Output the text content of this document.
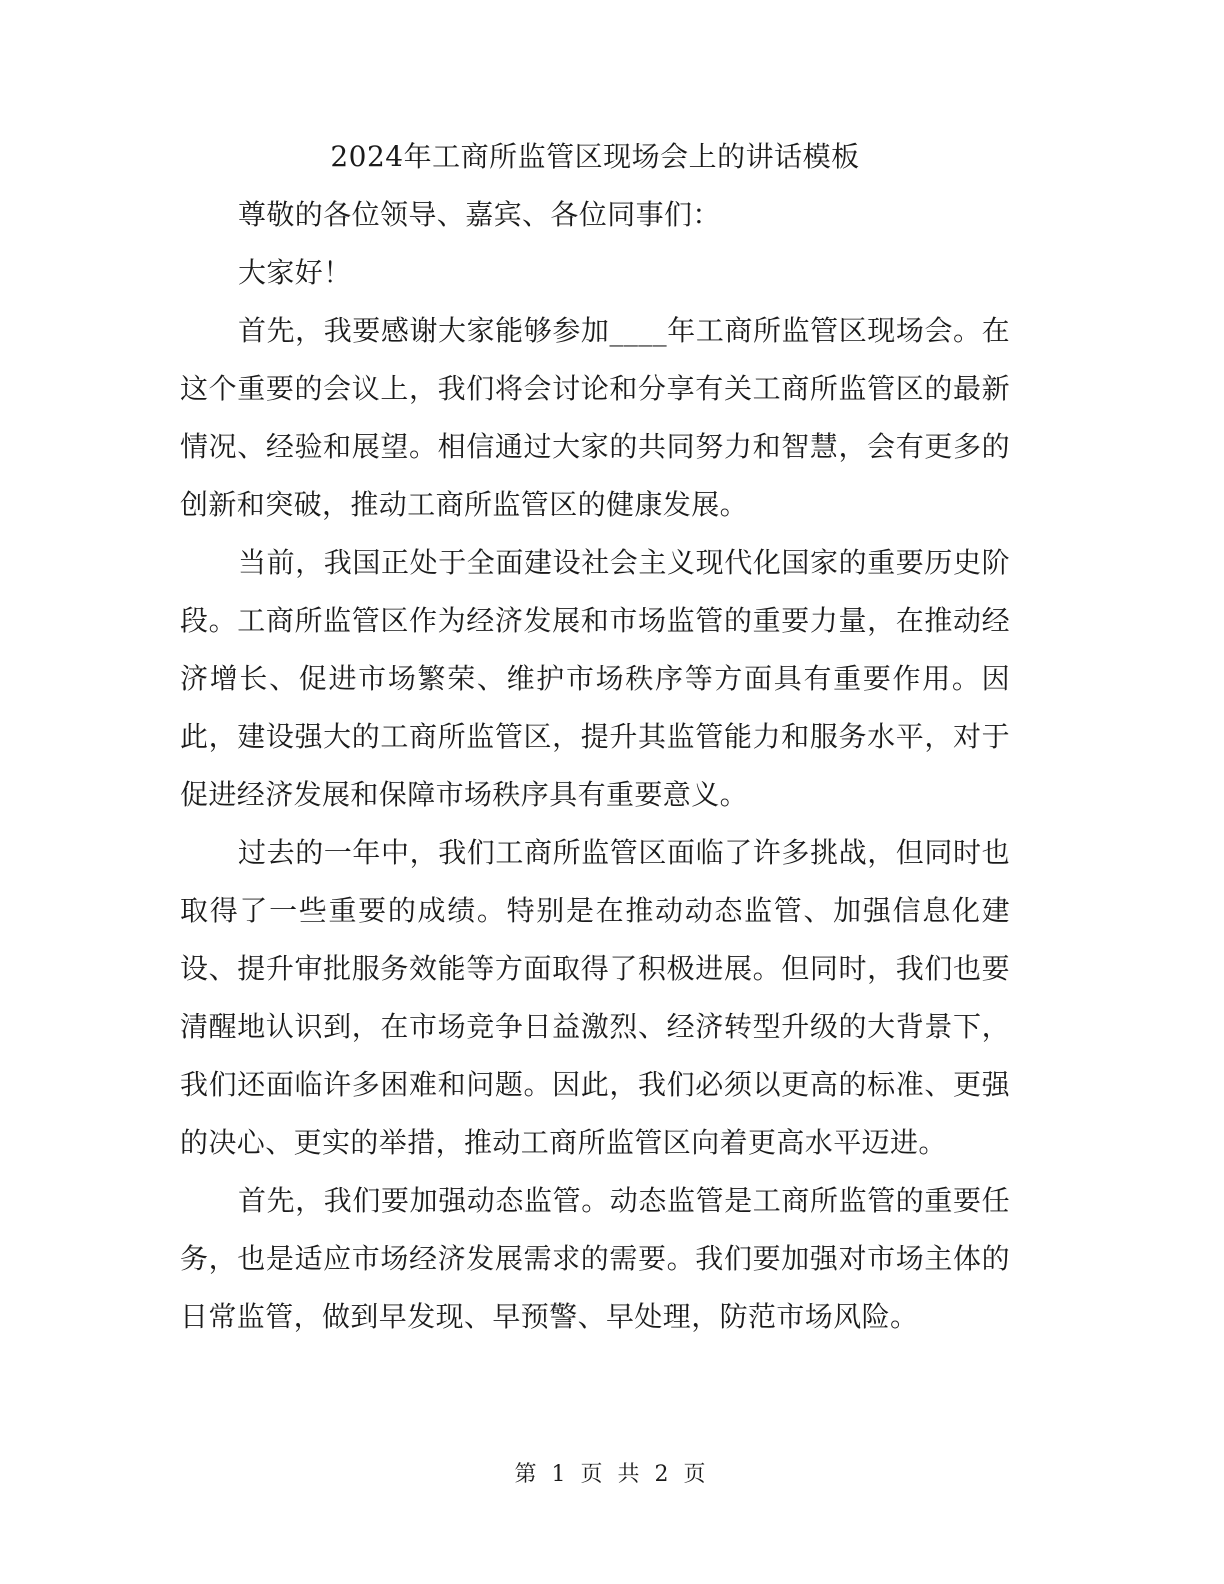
2024年工商所监管区现场会上的讲话模板

尊敬的各位领导、嘉宾、各位同事们：

大家好！

首先，我要感谢大家能够参加____年工商所监管区现场会。在这个重要的会议上，我们将会讨论和分享有关工商所监管区的最新情况、经验和展望。相信通过大家的共同努力和智慧，会有更多的创新和突破，推动工商所监管区的健康发展。

当前，我国正处于全面建设社会主义现代化国家的重要历史阶段。工商所监管区作为经济发展和市场监管的重要力量，在推动经济增长、促进市场繁荣、维护市场秩序等方面具有重要作用。因此，建设强大的工商所监管区，提升其监管能力和服务水平，对于促进经济发展和保障市场秩序具有重要意义。

过去的一年中，我们工商所监管区面临了许多挑战，但同时也取得了一些重要的成绩。特别是在推动动态监管、加强信息化建设、提升审批服务效能等方面取得了积极进展。但同时，我们也要清醒地认识到，在市场竞争日益激烈、经济转型升级的大背景下，我们还面临许多困难和问题。因此，我们必须以更高的标准、更强的决心、更实的举措，推动工商所监管区向着更高水平迈进。

首先，我们要加强动态监管。动态监管是工商所监管的重要任务，也是适应市场经济发展需求的需要。我们要加强对市场主体的日常监管，做到早发现、早预警、早处理，防范市场风险。

第 1 页 共 2 页
